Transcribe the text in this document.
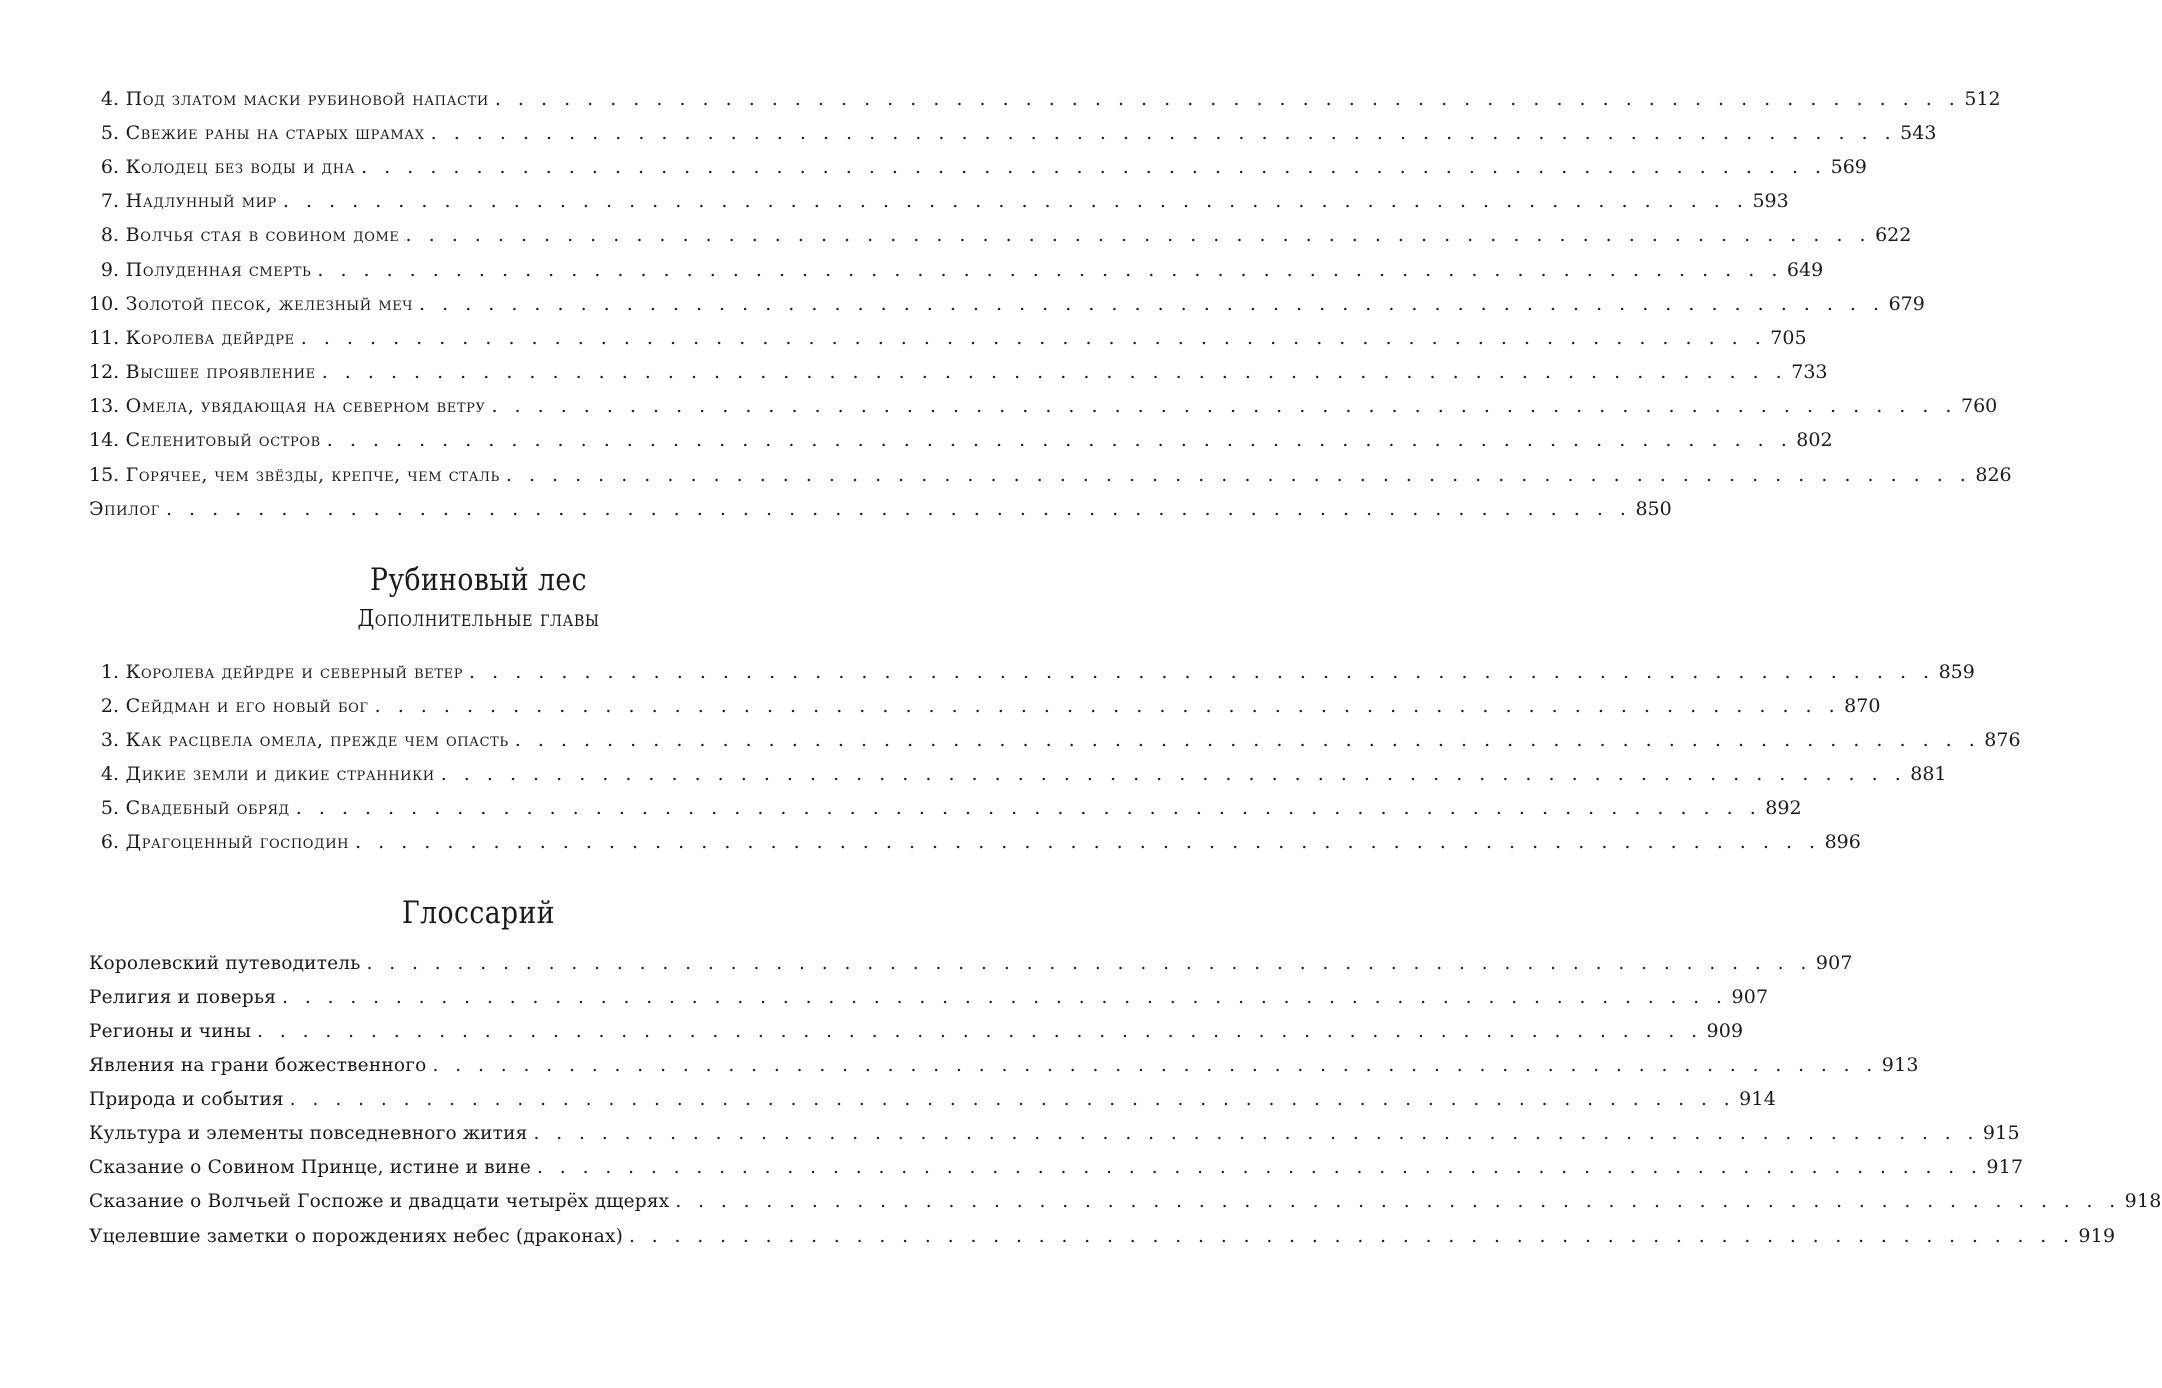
4.
под златом маски рубиновой напасти . . . . . . . . . . . . . . . . . . . . . . . . . . . . . . . . . . . . . . . . . . . . . . . . . . . . . . . . . . . . . . . . 512
5.
свежие раны на старых шрамах . . . . . . . . . . . . . . . . . . . . . . . . . . . . . . . . . . . . . . . . . . . . . . . . . . . . . . . . . . . . . . . . 543
6.
колодец без воды и дна . . . . . . . . . . . . . . . . . . . . . . . . . . . . . . . . . . . . . . . . . . . . . . . . . . . . . . . . . . . . . . . . 569
7.
надлунный мир . . . . . . . . . . . . . . . . . . . . . . . . . . . . . . . . . . . . . . . . . . . . . . . . . . . . . . . . . . . . . . . . 593
8.
волчья стая в совином доме . . . . . . . . . . . . . . . . . . . . . . . . . . . . . . . . . . . . . . . . . . . . . . . . . . . . . . . . . . . . . . . . 622
9.
полуденная смерть . . . . . . . . . . . . . . . . . . . . . . . . . . . . . . . . . . . . . . . . . . . . . . . . . . . . . . . . . . . . . . . . 649
10.
золотой песок, железный меч . . . . . . . . . . . . . . . . . . . . . . . . . . . . . . . . . . . . . . . . . . . . . . . . . . . . . . . . . . . . . . . . 679
11.
королева дейрдре . . . . . . . . . . . . . . . . . . . . . . . . . . . . . . . . . . . . . . . . . . . . . . . . . . . . . . . . . . . . . . . . 705
12.
высшее проявление . . . . . . . . . . . . . . . . . . . . . . . . . . . . . . . . . . . . . . . . . . . . . . . . . . . . . . . . . . . . . . . . 733
13.
омела, увядающая на северном ветру . . . . . . . . . . . . . . . . . . . . . . . . . . . . . . . . . . . . . . . . . . . . . . . . . . . . . . . . . . . . . . . . 760
14.
селенитовый остров . . . . . . . . . . . . . . . . . . . . . . . . . . . . . . . . . . . . . . . . . . . . . . . . . . . . . . . . . . . . . . . . 802
15.
горячее, чем звёзды, крепче, чем сталь . . . . . . . . . . . . . . . . . . . . . . . . . . . . . . . . . . . . . . . . . . . . . . . . . . . . . . . . . . . . . . . . 826
Эпилог . . . . . . . . . . . . . . . . . . . . . . . . . . . . . . . . . . . . . . . . . . . . . . . . . . . . . . . . . . . . . . . . 850
Рубиновый лес
Дополнительные главы
1.
королева дейрдре и северный ветер . . . . . . . . . . . . . . . . . . . . . . . . . . . . . . . . . . . . . . . . . . . . . . . . . . . . . . . . . . . . . . . . 859
2.
сейдман и его новый бог . . . . . . . . . . . . . . . . . . . . . . . . . . . . . . . . . . . . . . . . . . . . . . . . . . . . . . . . . . . . . . . . 870
3.
как расцвела омела, прежде чем опасть . . . . . . . . . . . . . . . . . . . . . . . . . . . . . . . . . . . . . . . . . . . . . . . . . . . . . . . . . . . . . . . . 876
4.
дикие земли и дикие странники . . . . . . . . . . . . . . . . . . . . . . . . . . . . . . . . . . . . . . . . . . . . . . . . . . . . . . . . . . . . . . . . 881
5.
свадебный обряд . . . . . . . . . . . . . . . . . . . . . . . . . . . . . . . . . . . . . . . . . . . . . . . . . . . . . . . . . . . . . . . . 892
6.
драгоценный господин . . . . . . . . . . . . . . . . . . . . . . . . . . . . . . . . . . . . . . . . . . . . . . . . . . . . . . . . . . . . . . . . 896
Глоссарий
Королевский путеводитель . . . . . . . . . . . . . . . . . . . . . . . . . . . . . . . . . . . . . . . . . . . . . . . . . . . . . . . . . . . . . . . . 907
Религия и поверья . . . . . . . . . . . . . . . . . . . . . . . . . . . . . . . . . . . . . . . . . . . . . . . . . . . . . . . . . . . . . . . . 907
Регионы и чины . . . . . . . . . . . . . . . . . . . . . . . . . . . . . . . . . . . . . . . . . . . . . . . . . . . . . . . . . . . . . . . . 909
Явления на грани божественного . . . . . . . . . . . . . . . . . . . . . . . . . . . . . . . . . . . . . . . . . . . . . . . . . . . . . . . . . . . . . . . . 913
Природа и события . . . . . . . . . . . . . . . . . . . . . . . . . . . . . . . . . . . . . . . . . . . . . . . . . . . . . . . . . . . . . . . . 914
Культура и элементы повседневного жития . . . . . . . . . . . . . . . . . . . . . . . . . . . . . . . . . . . . . . . . . . . . . . . . . . . . . . . . . . . . . . . . 915
Сказание о Совином Принце, истине и вине . . . . . . . . . . . . . . . . . . . . . . . . . . . . . . . . . . . . . . . . . . . . . . . . . . . . . . . . . . . . . . . . 917
Сказание о Волчьей Госпоже и двадцати четырёх дщерях . . . . . . . . . . . . . . . . . . . . . . . . . . . . . . . . . . . . . . . . . . . . . . . . . . . . . . . . . . . . . . . . 918
Уцелевшие заметки о порождениях небес (драконах) . . . . . . . . . . . . . . . . . . . . . . . . . . . . . . . . . . . . . . . . . . . . . . . . . . . . . . . . . . . . . . . . 919
